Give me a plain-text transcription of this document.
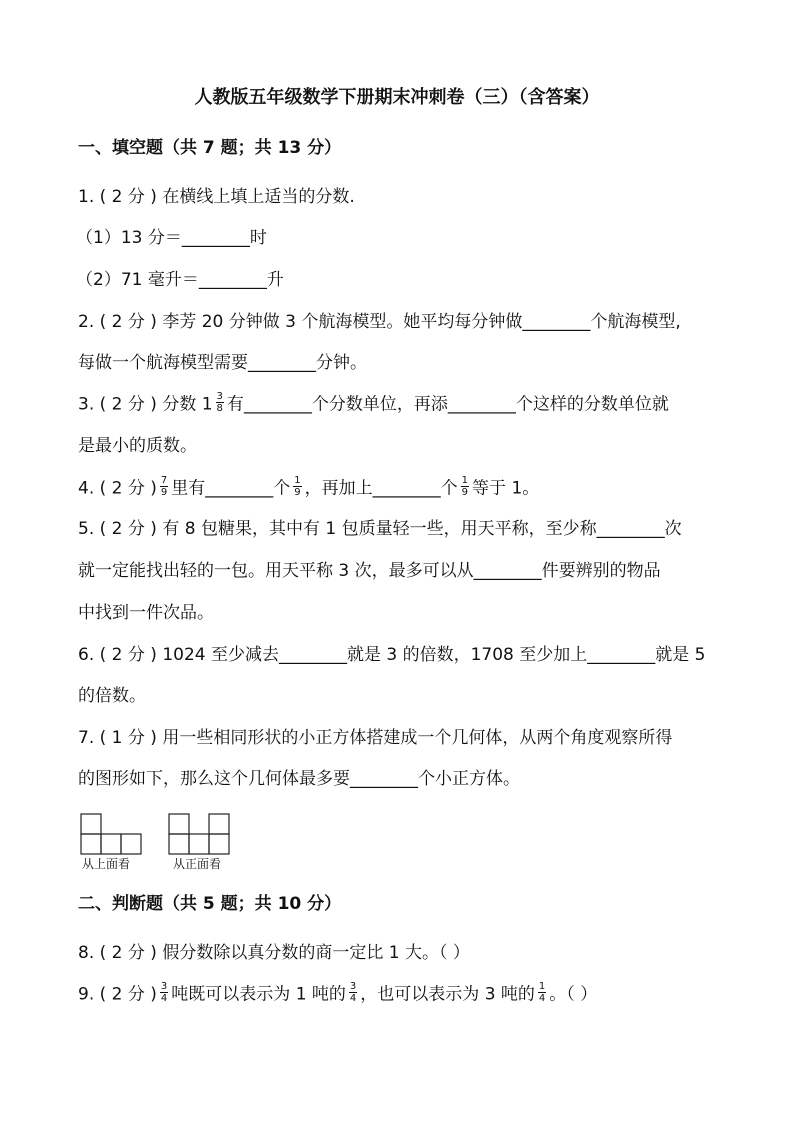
人教版五年级数学下册期末冲刺卷（三）（含答案）
一、填空题（共 7 题；共 13 分）
1. ( 2 分 ) 在横线上填上适当的分数.
（1）13 分＝________时
（2）71 毫升＝________升
2. ( 2 分 ) 李芳 20 分钟做 3 个航海模型。她平均每分钟做________个航海模型,
每做一个航海模型需要________分钟。
3. ( 2 分 ) 分数 $1 \frac{3}{8}$ 有________个分数单位，再添________个这样的分数单位就
是最小的质数。
4. ( 2 分 ) $\frac{7}{9}$ 里有________个 $\frac{1}{9}$ ，再加上________个 $\frac{1}{9}$ 等于 1。
5. ( 2 分 ) 有 8 包糖果，其中有 1 包质量轻一些，用天平称，至少称________次
就一定能找出轻的一包。用天平称 3 次，最多可以从________件要辨别的物品
中找到一件次品。
6. ( 2 分 ) 1024 至少减去________就是 3 的倍数，1708 至少加上________就是 5
的倍数。
7. ( 1 分 ) 用一些相同形状的小正方体搭建成一个几何体，从两个角度观察所得
的图形如下，那么这个几何体最多要________个小正方体。
从上面看	从正面看
二、判断题（共 5 题；共 10 分）
8. ( 2 分 ) 假分数除以真分数的商一定比 1 大。（ ）
9. ( 2 分 ) $\frac{3}{4}$ 吨既可以表示为 1 吨的 $\frac{3}{4}$ ，也可以表示为 3 吨的 $\frac{1}{4}$ 。（ ）
